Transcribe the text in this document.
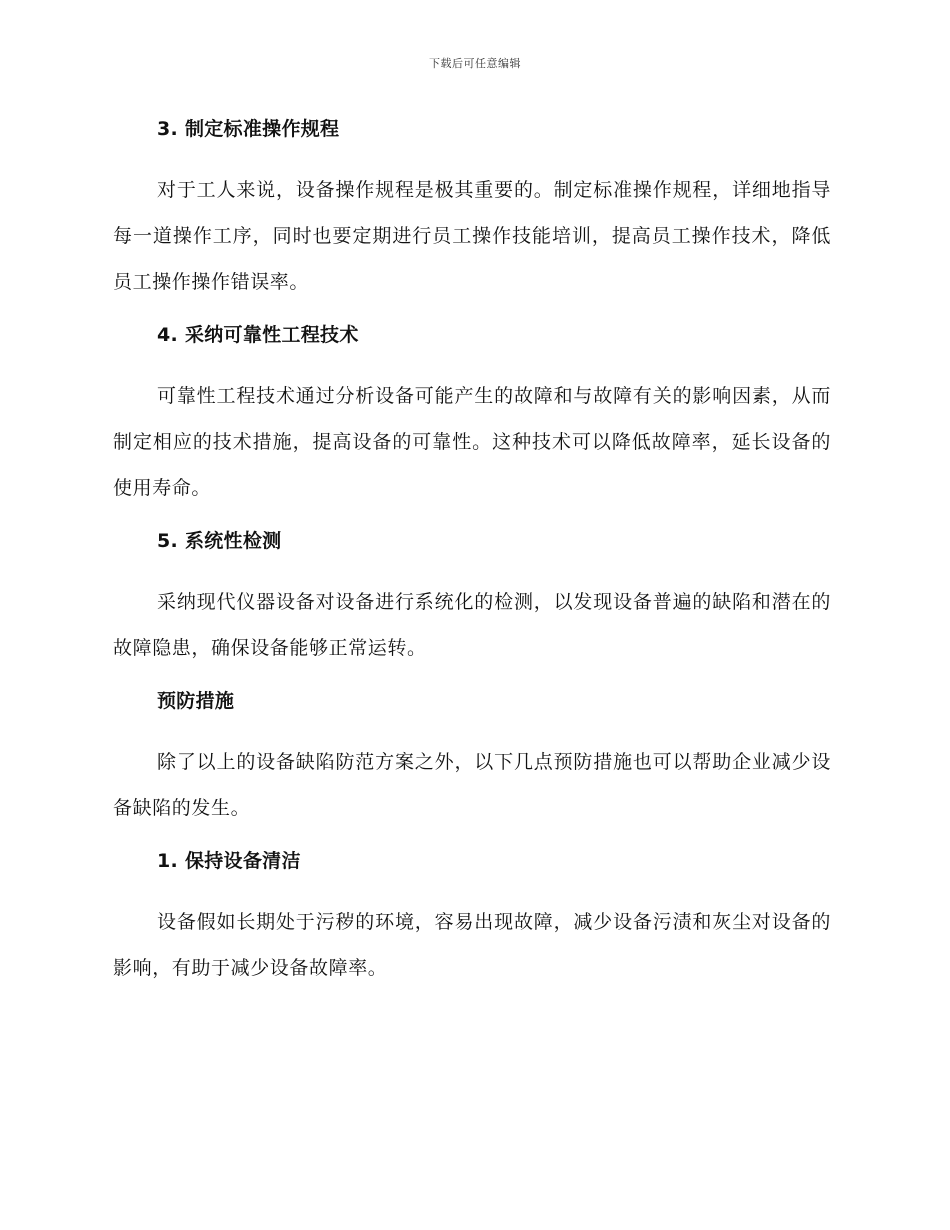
下载后可任意编辑
3. 制定标准操作规程

对于工人来说，设备操作规程是极其重要的。制定标准操作规程，详细地指导每一道操作工序，同时也要定期进行员工操作技能培训，提高员工操作技术，降低员工操作操作错误率。

4. 采纳可靠性工程技术

可靠性工程技术通过分析设备可能产生的故障和与故障有关的影响因素，从而制定相应的技术措施，提高设备的可靠性。这种技术可以降低故障率，延长设备的使用寿命。

5. 系统性检测

采纳现代仪器设备对设备进行系统化的检测，以发现设备普遍的缺陷和潜在的故障隐患，确保设备能够正常运转。

预防措施

除了以上的设备缺陷防范方案之外，以下几点预防措施也可以帮助企业减少设备缺陷的发生。

1. 保持设备清洁

设备假如长期处于污秽的环境，容易出现故障，减少设备污渍和灰尘对设备的影响，有助于减少设备故障率。
